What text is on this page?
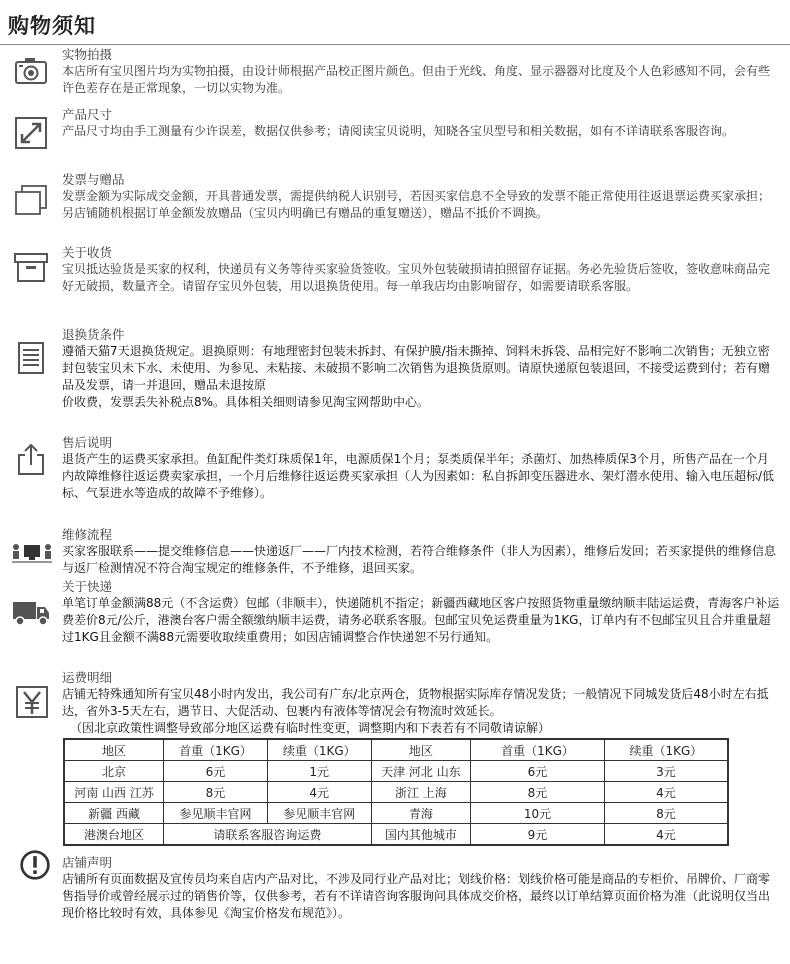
购物须知
实物拍摄
本店所有宝贝图片均为实物拍摄，由设计师根据产品校正图片颜色。但由于光线、角度、显示器器对比度及个人色彩感知不同，会有些许色差存在是正常现象，一切以实物为准。
产品尺寸
产品尺寸均由手工测量有少许误差，数据仅供参考；请阅读宝贝说明，知晓各宝贝型号和相关数据，如有不详请联系客服咨询。
发票与赠品
发票金额为实际成交金额，开具普通发票，需提供纳税人识别号，若因买家信息不全导致的发票不能正常使用往返退票运费买家承担；另店铺随机根据订单金额发放赠品（宝贝内明确已有赠品的重复赠送），赠品不抵价不调换。
关于收货
宝贝抵达验货是买家的权利，快递员有义务等待买家验货签收。宝贝外包装破损请拍照留存证据。务必先验货后签收，签收意味商品完好无破损，数量齐全。请留存宝贝外包装，用以退换货使用。每一单我店均由影响留存，如需要请联系客服。
退换货条件
遵循天猫7天退换货规定。退换原则：有地理密封包装未拆封、有保护膜/指未撕掉、饲料未拆袋、品相完好不影响二次销售；无独立密封包装宝贝未下水、未使用、为参见、未粘接、未破损不影响二次销售为退换货原则。请原快递原包装退回，不接受运费到付；若有赠品及发票，请一并退回，赠品未退按原
价收费，发票丢失补税点8%。具体相关细则请参见淘宝网帮助中心。
售后说明
退货产生的运费买家承担。鱼缸配件类灯珠质保1年，电源质保1个月；泵类质保半年；杀菌灯、加热棒质保3个月，所售产品在一个月内故障维修往返运费卖家承担，一个月后维修往返运费买家承担（人为因素如：私自拆卸变压器进水、架灯潜水使用、输入电压超标/低标、气泵进水等造成的故障不予维修）。
维修流程
买家客服联系——提交维修信息——快递返厂——厂内技术检测，若符合维修条件（非人为因素），维修后发回；若买家提供的维修信息与返厂检测情况不符合淘宝规定的维修条件，不予维修，退回买家。
关于快递
单笔订单金额满88元（不含运费）包邮（非顺丰），快递随机不指定；新疆西藏地区客户按照货物重量缴纳顺丰陆运运费，青海客户补运费差价8元/公斤，港澳台客户需全额缴纳顺丰运费，请务必联系客服。包邮宝贝免运费重量为1KG，订单内有不包邮宝贝且合并重量超过1KG且金额不满88元需要收取续重费用；如因店铺调整合作快递恕不另行通知。
运费明细
店铺无特殊通知所有宝贝48小时内发出，我公司有广东/北京两仓，货物根据实际库存情况发货；一般情况下同城发货后48小时左右抵达，省外3-5天左右，遇节日、大促活动、包裹内有液体等情况会有物流时效延长。
（因北京政策性调整导致部分地区运费有临时性变更，调整期内和下表若有不同敬请谅解）
地区	首重（1KG）	续重（1KG）	地区	首重（1KG）	续重（1KG）
北京	6元	1元	天津 河北 山东	6元	3元
河南 山西 江苏	8元	4元	浙江 上海	8元	4元
新疆 西藏	参见顺丰官网	参见顺丰官网	青海	10元	8元
港澳台地区	请联系客服咨询运费		国内其他城市	9元	4元
店铺声明
店铺所有页面数据及宣传员均来自店内产品对比，不涉及同行业产品对比；划线价格：划线价格可能是商品的专柜价、吊牌价、厂商零售指导价或曾经展示过的销售价等，仅供参考，若有不详请咨询客服询问具体成交价格，最终以订单结算页面价格为准（此说明仅当出现价格比较时有效，具体参见《淘宝价格发布规范》）。
